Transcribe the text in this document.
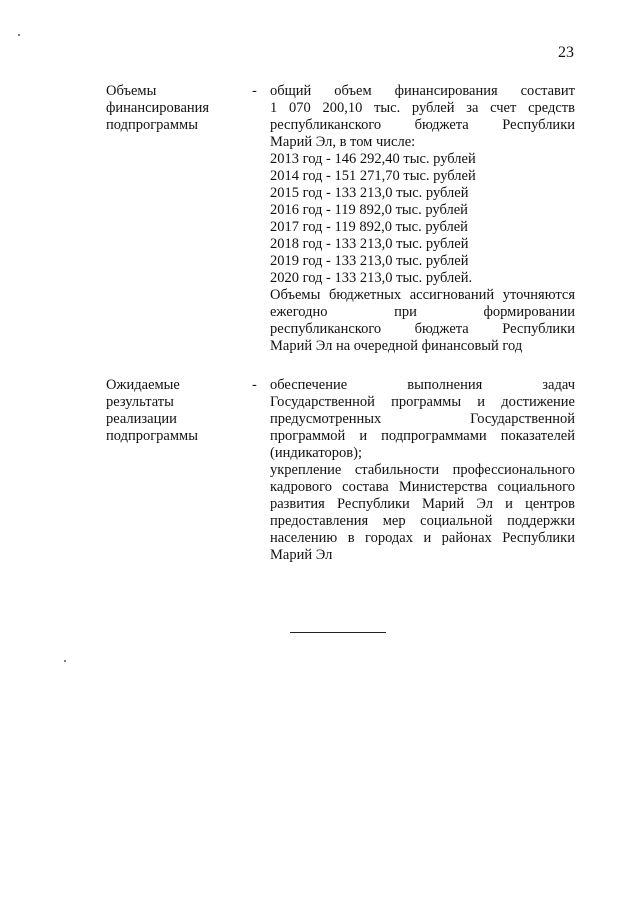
23

Объемы

финансирования

подпрограммы

- общий объем финансирования составит

1 070 200,10 тыс. рублей за счет средств

республиканского бюджета Республики

Марий Эл, в том числе:

2013 год - 146 292,40 тыс. рублей

2014 год - 151 271,70 тыс. рублей

2015 год - 133 213,0 тыс. рублей

2016 год - 119 892,0 тыс. рублей

2017 год - 119 892,0 тыс. рублей

2018 год - 133 213,0 тыс. рублей

2019 год - 133 213,0 тыс. рублей

2020 год - 133 213,0 тыс. рублей.

Объемы бюджетных ассигнований уточняются

ежегодно при формировании

республиканского бюджета Республики

Марий Эл на очередной финансовый год

Ожидаемые

результаты

реализации

подпрограммы

- обеспечение выполнения задач

Государственной программы и достижение

предусмотренных Государственной

программой и подпрограммами показателей

(индикаторов);

укрепление стабильности профессионального

кадрового состава Министерства социального

развития Республики Марий Эл и центров

предоставления мер социальной поддержки

населению в городах и районах Республики

Марий Эл
